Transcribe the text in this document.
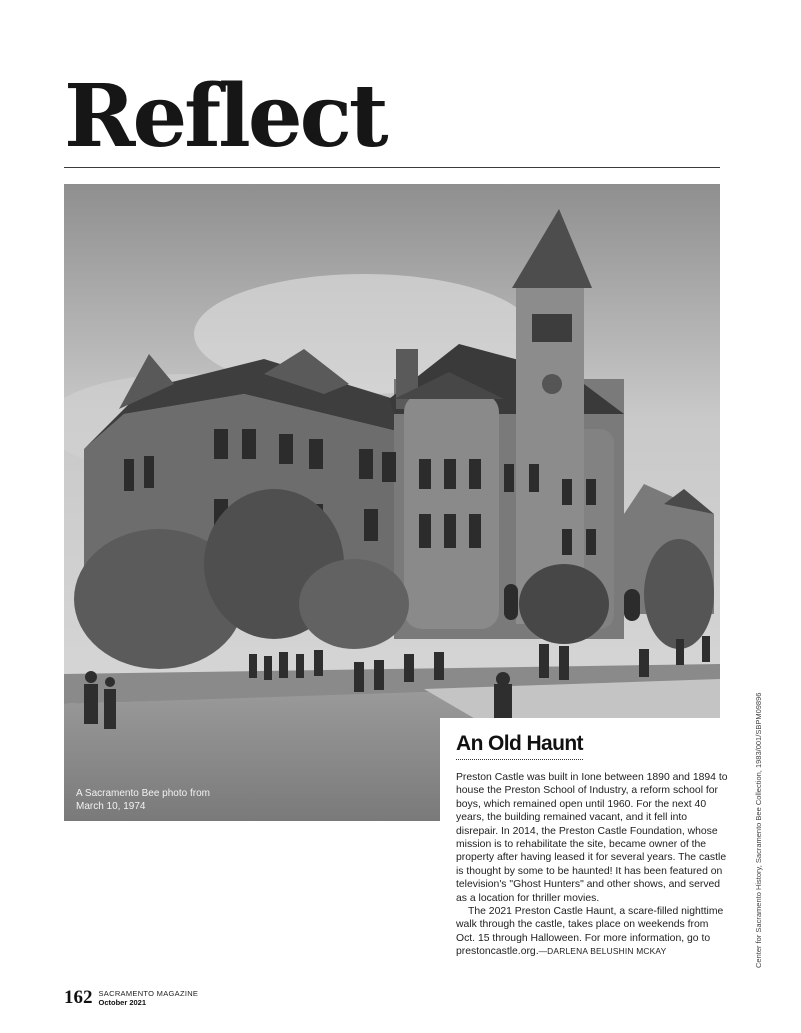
Reflect

A Sacramento Bee photo from March 10, 1974

An Old Haunt

Preston Castle was built in Ione between 1890 and 1894 to house the Preston School of Industry, a reform school for boys, which remained open until 1960. For the next 40 years, the building remained vacant, and it fell into disrepair. In 2014, the Preston Castle Foundation, whose mission is to rehabilitate the site, became owner of the property after having leased it for several years. The castle is thought by some to be haunted! It has been featured on television's "Ghost Hunters" and other shows, and served as a location for thriller movies.

The 2021 Preston Castle Haunt, a scare-filled nighttime walk through the castle, takes place on weekends from Oct. 15 through Halloween. For more information, go to prestoncastle.org.—DARLENA BELUSHIN MCKAY	Center for Sacramento History, Sacramento Bee Collection, 1983/001/SBPM09896

162 SACRAMENTO MAGAZINE
October 2021
